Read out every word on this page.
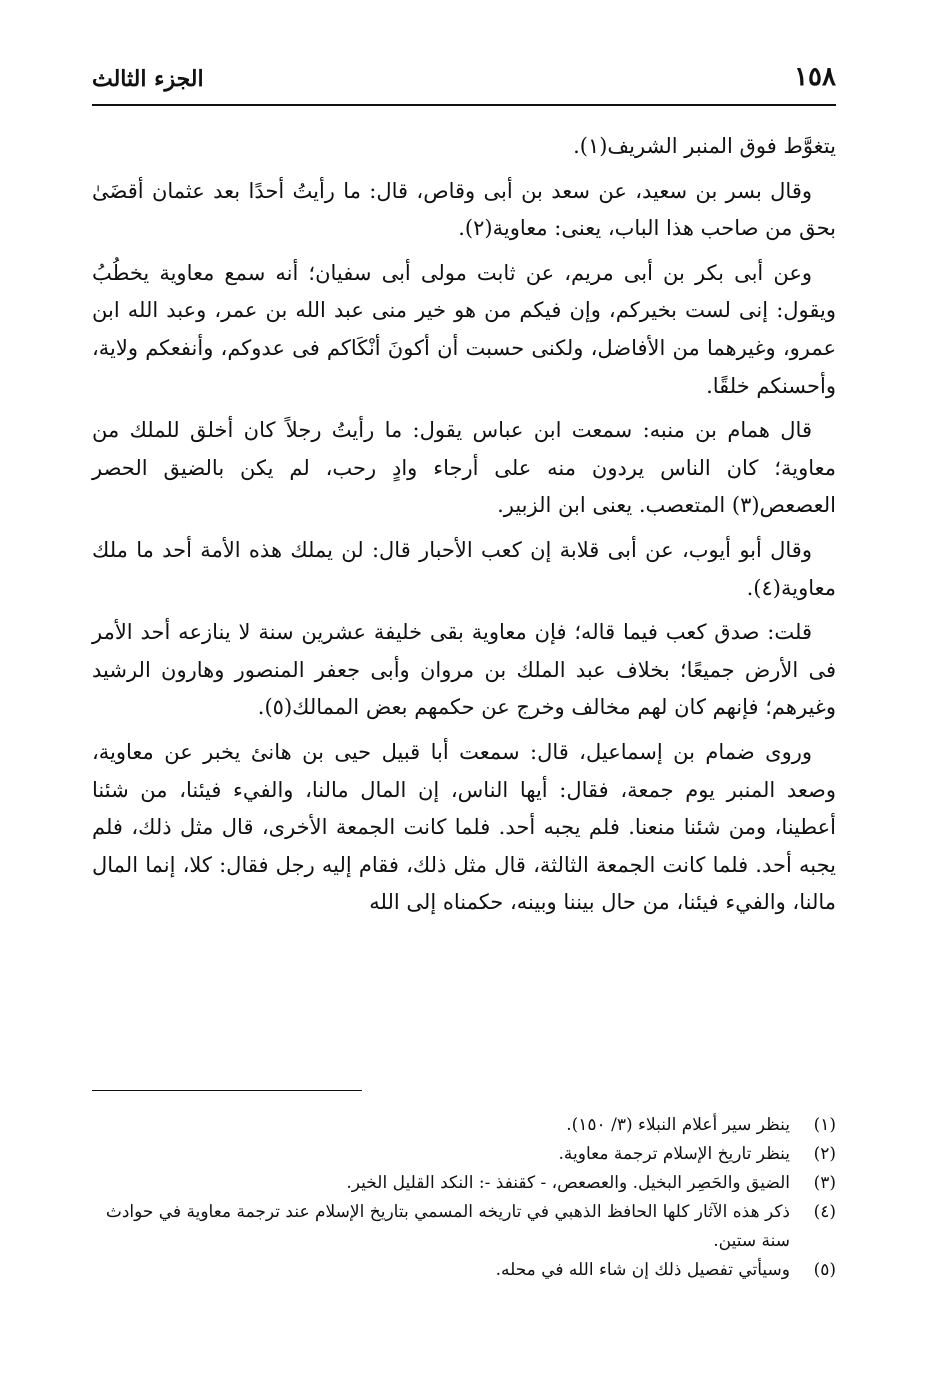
١٥٨
الجزء الثالث

يتغوَّط فوق المنبر الشريف(١).

وقال بسر بن سعيد، عن سعد بن أبى وقاص، قال: ما رأيتُ أحدًا بعد عثمان أقضَىٰ بحق من صاحب هذا الباب، يعنى: معاوية(٢).

وعن أبى بكر بن أبى مريم، عن ثابت مولى أبى سفيان؛ أنه سمع معاوية يخطُبُ ويقول: إنى لست بخيركم، وإن فيكم من هو خير منى عبد الله بن عمر، وعبد الله ابن عمرو، وغيرهما من الأفاضل، ولكنى حسبت أن أكونَ أنْكَاكم فى عدوكم، وأنفعكم ولاية، وأحسنكم خلقًا.

قال همام بن منبه: سمعت ابن عباس يقول: ما رأيتُ رجلاً كان أخلق للملك من معاوية؛ كان الناس يردون منه على أرجاء وادٍ رحب، لم يكن بالضيق الحصر العصعص(٣) المتعصب. يعنى ابن الزبير.

وقال أبو أيوب، عن أبى قلابة إن كعب الأحبار قال: لن يملك هذه الأمة أحد ما ملك معاوية(٤).

قلت: صدق كعب فيما قاله؛ فإن معاوية بقى خليفة عشرين سنة لا ينازعه أحد الأمر فى الأرض جميعًا؛ بخلاف عبد الملك بن مروان وأبى جعفر المنصور وهارون الرشيد وغيرهم؛ فإنهم كان لهم مخالف وخرج عن حكمهم بعض الممالك(٥).

وروى ضمام بن إسماعيل، قال: سمعت أبا قبيل حيى بن هانئ يخبر عن معاوية، وصعد المنبر يوم جمعة، فقال: أيها الناس، إن المال مالنا، والفيء فيئنا، من شئنا أعطينا، ومن شئنا منعنا. فلم يجبه أحد. فلما كانت الجمعة الأخرى، قال مثل ذلك، فلم يجبه أحد. فلما كانت الجمعة الثالثة، قال مثل ذلك، فقام إليه رجل فقال: كلا، إنما المال مالنا، والفيء فيئنا، من حال بيننا وبينه، حكمناه إلى الله

(١)
ينظر سير أعلام النبلاء (٣/ ١٥٠).
(٢)
ينظر تاريخ الإسلام ترجمة معاوية.
(٣)
الضيق والحَصِر البخيل. والعصعص، - كقنفذ -: النكد القليل الخير.
(٤)
ذكر هذه الآثار كلها الحافظ الذهبي في تاريخه المسمي بتاريخ الإسلام عند ترجمة معاوية في حوادث سنة ستين.
(٥)
وسيأتي تفصيل ذلك إن شاء الله في محله.
